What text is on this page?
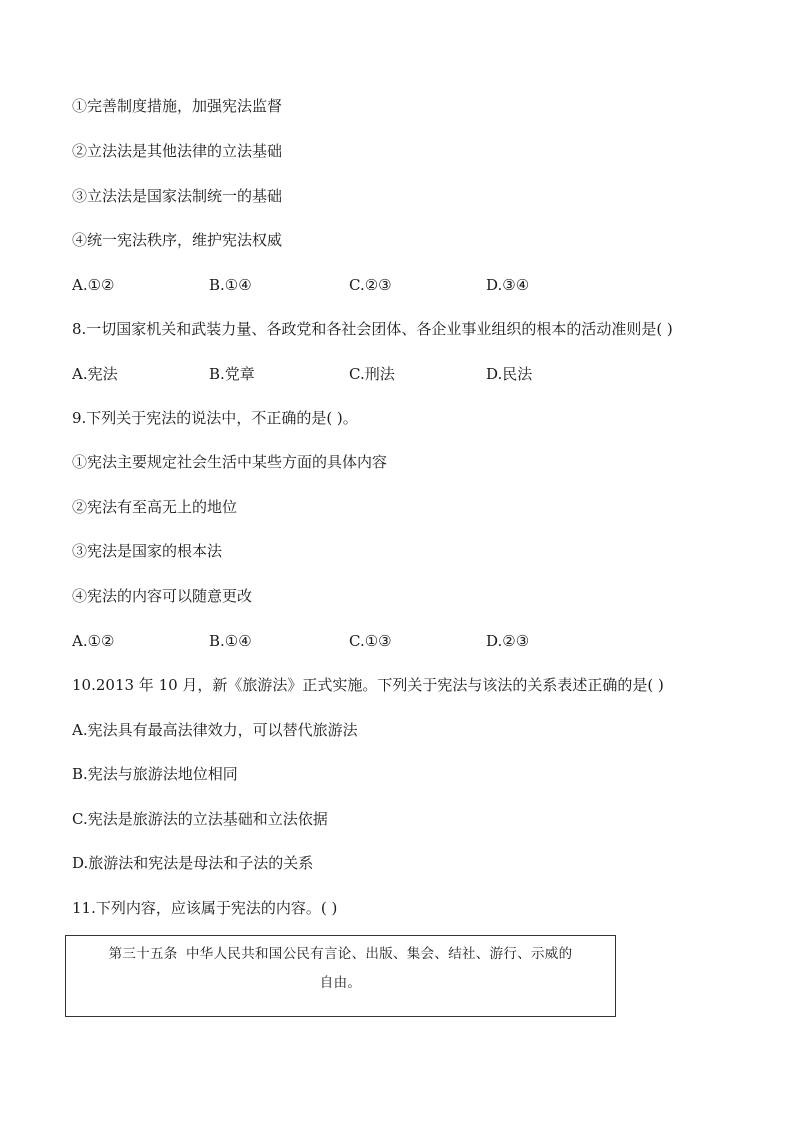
①完善制度措施，加强宪法监督
②立法法是其他法律的立法基础
③立法法是国家法制统一的基础
④统一宪法秩序，维护宪法权威
A.①②	B.①④	C.②③	D.③④
8.一切国家机关和武装力量、各政党和各社会团体、各企业事业组织的根本的活动准则是( )
A.宪法	B.党章	C.刑法	D.民法
9.下列关于宪法的说法中，不正确的是( )。
①宪法主要规定社会生活中某些方面的具体内容
②宪法有至高无上的地位
③宪法是国家的根本法
④宪法的内容可以随意更改
A.①②	B.①④	C.①③	D.②③
10.2013 年 10 月，新《旅游法》正式实施。下列关于宪法与该法的关系表述正确的是( )
A.宪法具有最高法律效力，可以替代旅游法
B.宪法与旅游法地位相同
C.宪法是旅游法的立法基础和立法依据
D.旅游法和宪法是母法和子法的关系
11.下列内容，应该属于宪法的内容。( )
第三十五条 中华人民共和国公民有言论、出版、集会、结社、游行、示威的
自由。
